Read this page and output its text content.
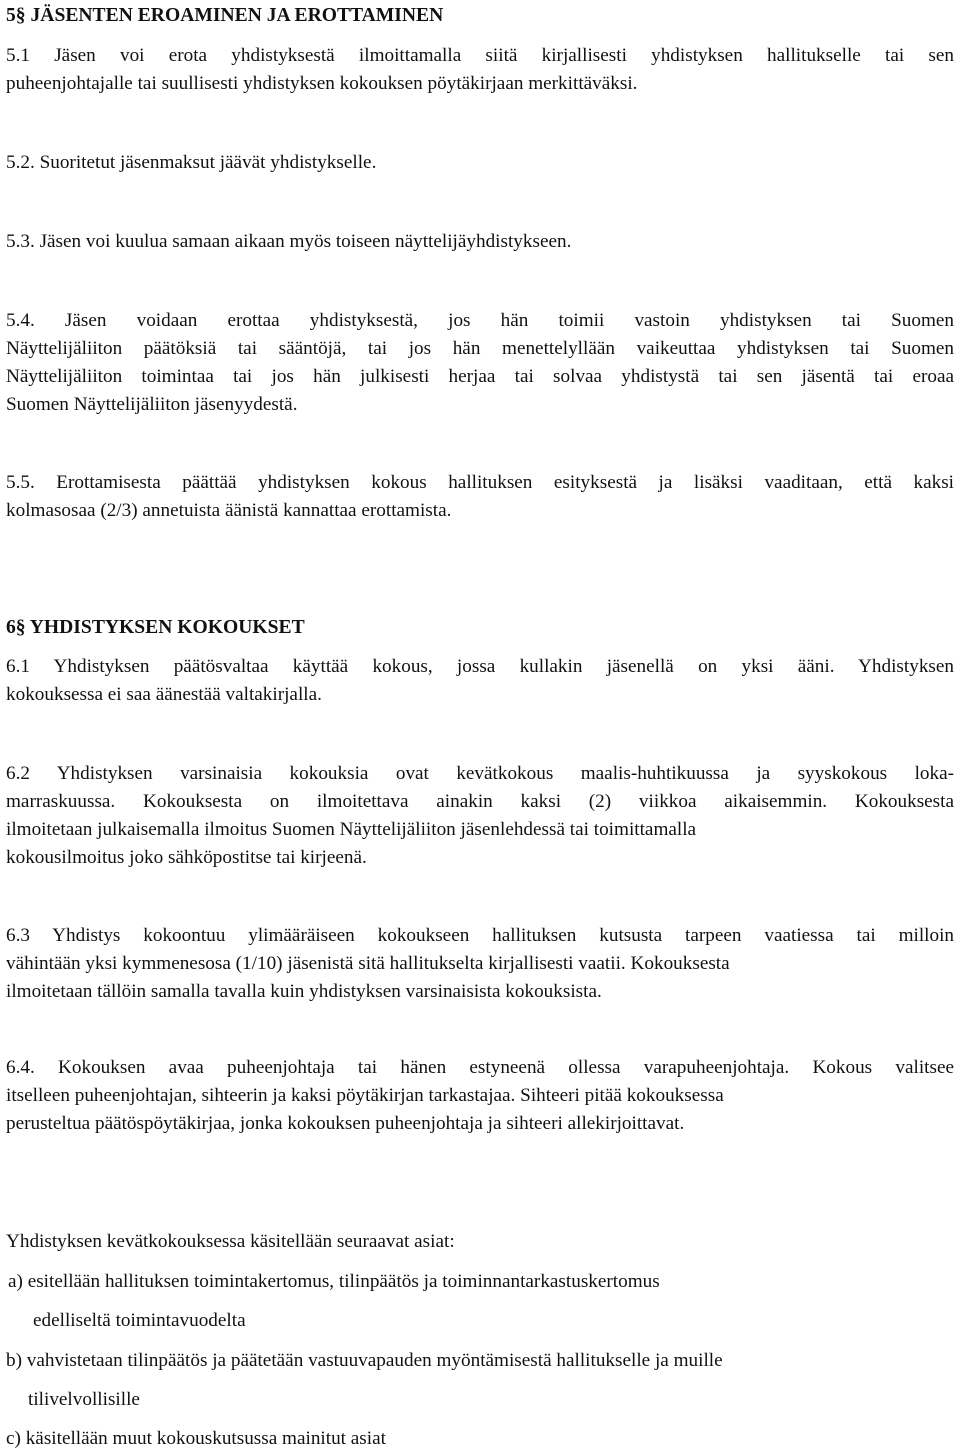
5§ JÄSENTEN EROAMINEN JA EROTTAMINEN

5.1 Jäsen voi erota yhdistyksestä ilmoittamalla siitä kirjallisesti yhdistyksen hallitukselle tai sen

puheenjohtajalle tai suullisesti yhdistyksen kokouksen pöytäkirjaan merkittäväksi.

5.2. Suoritetut jäsenmaksut jäävät yhdistykselle.

5.3. Jäsen voi kuulua samaan aikaan myös toiseen näyttelijäyhdistykseen.

5.4. Jäsen voidaan erottaa yhdistyksestä, jos hän toimii vastoin yhdistyksen tai Suomen

Näyttelijäliiton päätöksiä tai sääntöjä, tai jos hän menettelyllään vaikeuttaa yhdistyksen tai Suomen

Näyttelijäliiton toimintaa tai jos hän julkisesti herjaa tai solvaa yhdistystä tai sen jäsentä tai eroaa

Suomen Näyttelijäliiton jäsenyydestä.

5.5. Erottamisesta päättää yhdistyksen kokous hallituksen esityksestä ja lisäksi vaaditaan, että kaksi

kolmasosaa (2/3) annetuista äänistä kannattaa erottamista.

6§ YHDISTYKSEN KOKOUKSET

6.1 Yhdistyksen päätösvaltaa käyttää kokous, jossa kullakin jäsenellä on yksi ääni. Yhdistyksen

kokouksessa ei saa äänestää valtakirjalla.

6.2 Yhdistyksen varsinaisia kokouksia ovat kevätkokous maalis-huhtikuussa ja syyskokous loka-

marraskuussa. Kokouksesta on ilmoitettava ainakin kaksi (2) viikkoa aikaisemmin. Kokouksesta

ilmoitetaan julkaisemalla ilmoitus Suomen Näyttelijäliiton jäsenlehdessä tai toimittamalla

kokousilmoitus joko sähköpostitse tai kirjeenä.

6.3 Yhdistys kokoontuu ylimääräiseen kokoukseen hallituksen kutsusta tarpeen vaatiessa tai milloin

vähintään yksi kymmenesosa (1/10) jäsenistä sitä hallitukselta kirjallisesti vaatii. Kokouksesta

ilmoitetaan tällöin samalla tavalla kuin yhdistyksen varsinaisista kokouksista.

6.4. Kokouksen avaa puheenjohtaja tai hänen estyneenä ollessa varapuheenjohtaja. Kokous valitsee

itselleen puheenjohtajan, sihteerin ja kaksi pöytäkirjan tarkastajaa. Sihteeri pitää kokouksessa

perusteltua päätöspöytäkirjaa, jonka kokouksen puheenjohtaja ja sihteeri allekirjoittavat.

Yhdistyksen kevätkokouksessa käsitellään seuraavat asiat:

a) esitellään hallituksen toimintakertomus, tilinpäätös ja toiminnantarkastuskertomus

edelliseltä toimintavuodelta

b) vahvistetaan tilinpäätös ja päätetään vastuuvapauden myöntämisestä hallitukselle ja muille

tilivelvollisille

c) käsitellään muut kokouskutsussa mainitut asiat
